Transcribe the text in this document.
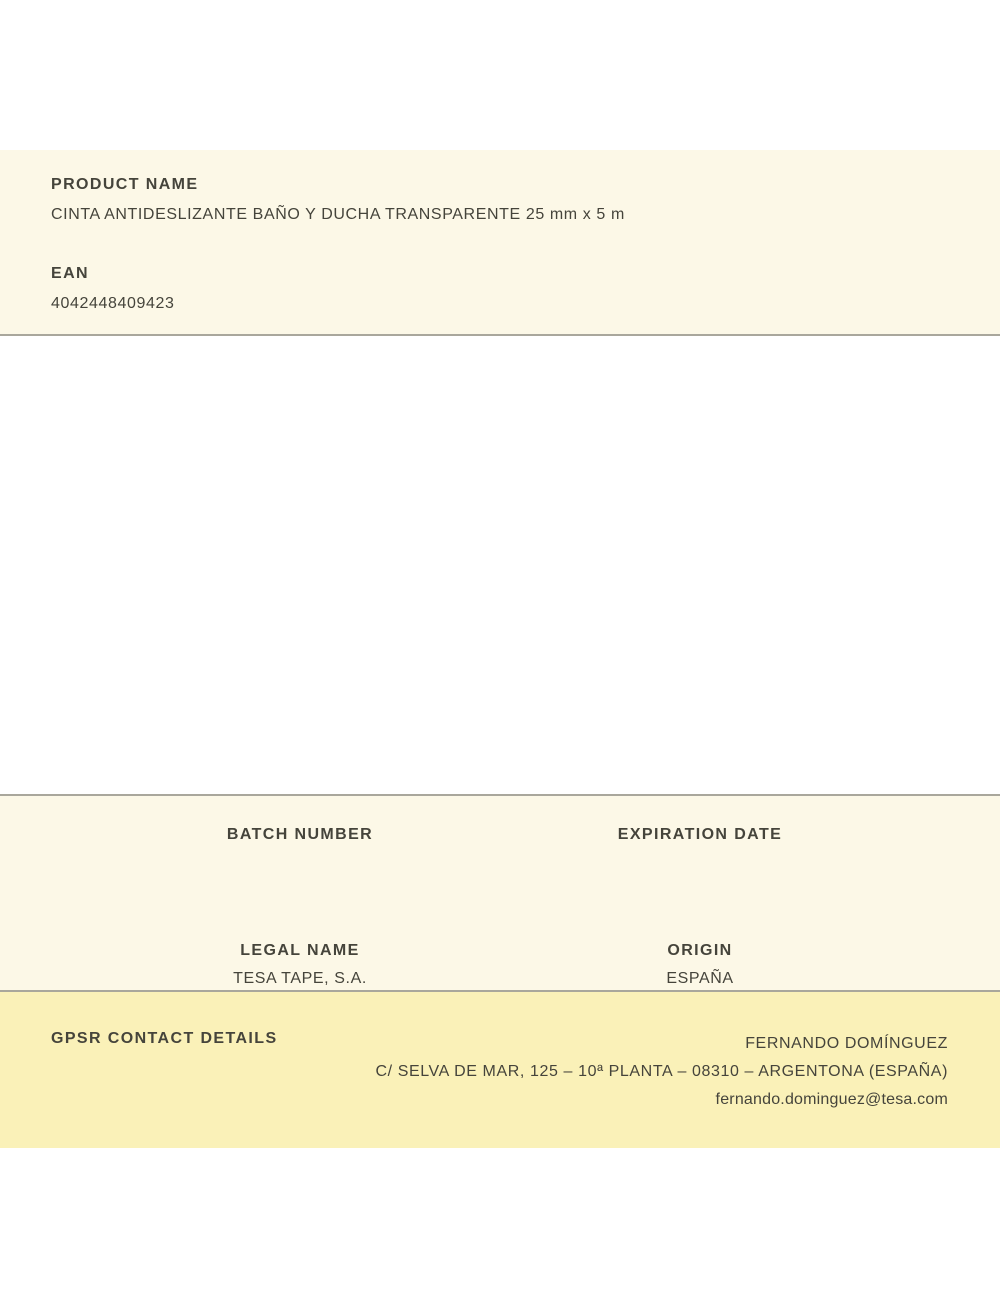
PRODUCT NAME
CINTA ANTIDESLIZANTE BAÑO Y DUCHA TRANSPARENTE 25 mm x 5 m
EAN
4042448409423
BATCH NUMBER	EXPIRATION DATE
LEGAL NAME
TESA TAPE, S.A.
ORIGIN
ESPAÑA
GPSR CONTACT DETAILS	FERNANDO DOMÍNGUEZ
C/ SELVA DE MAR, 125 – 10ª PLANTA – 08310 – ARGENTONA (ESPAÑA)
fernando.dominguez@tesa.com
